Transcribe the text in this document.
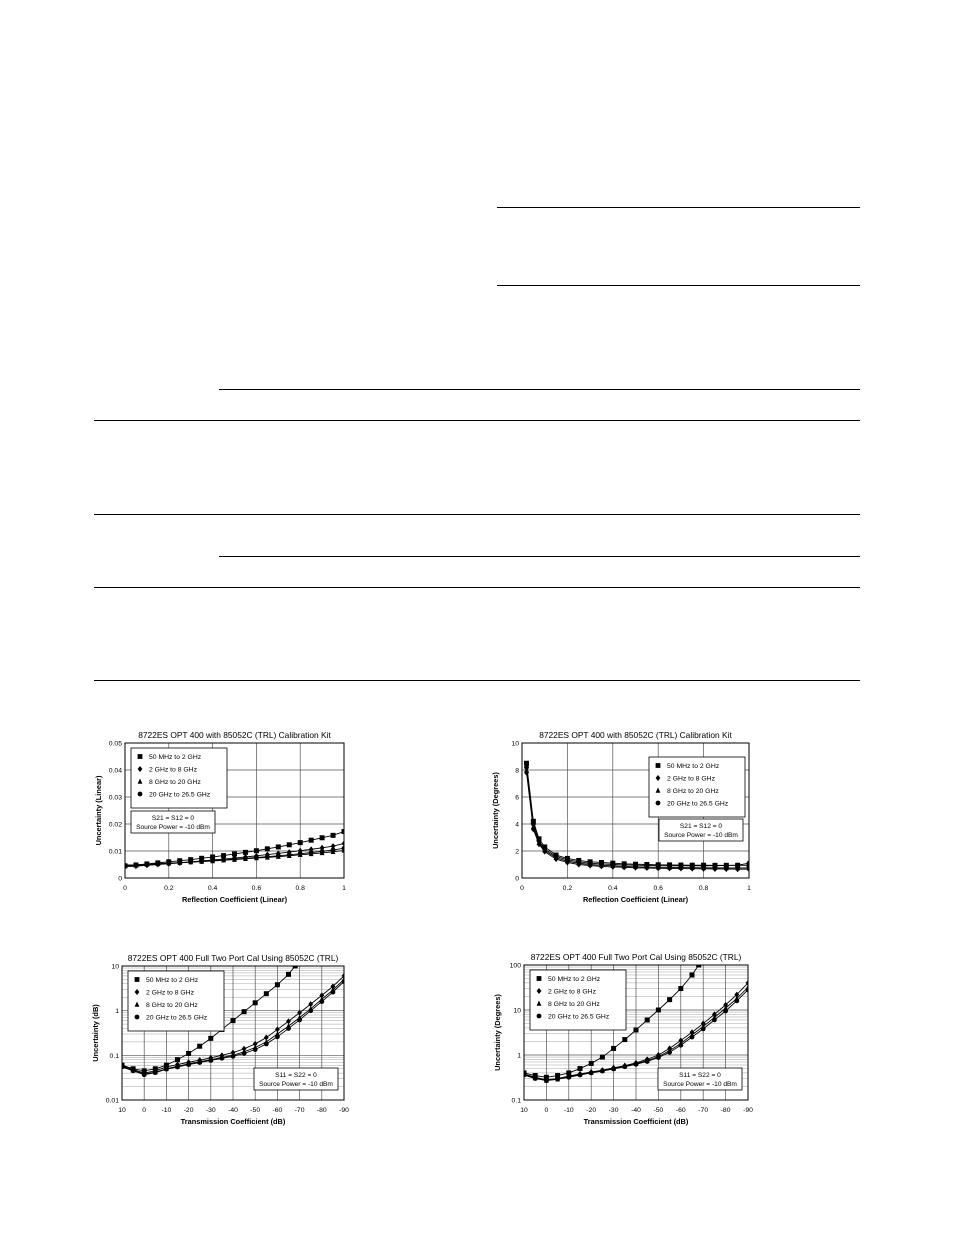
8722ES OPT 400 with 85052C (TRL) Calibration Kit
0	0.2	0.4	0.6	0.8	1
0
0.01
0.02
0.03
0.04
0.05
Reflection Coefficient (Linear)
Uncertainty (Linear)
50 MHz to 2 GHz
2 GHz to 8 GHz
8 GHz to 20 GHz
20 GHz to 26.5 GHz
S21 = S12 = 0
Source Power = -10 dBm
8722ES OPT 400 with 85052C (TRL) Calibration Kit
0	0.2	0.4	0.6	0.8	1
0
2
4
6
8
10
Reflection Coefficient (Linear)
Uncertainty (Degrees)
50 MHz to 2 GHz
2 GHz to 8 GHz
8 GHz to 20 GHz
20 GHz to 26.5 GHz
S21 = S12 = 0
Source Power = -10 dBm
8722ES OPT 400 Full Two Port Cal Using 85052C (TRL)
10 0 -10 -20 -30 -40 -50 -60 -70 -80 -90
0.01
0.1
1
10
Transmission Coefficient (dB)
Uncertainty (dB)
50 MHz to 2 GHz
2 GHz to 8 GHz
8 GHz to 20 GHz
20 GHz to 26.5 GHz
S11 = S22 = 0
Source Power = -10 dBm
8722ES OPT 400 Full Two Port Cal Using 85052C (TRL)
10 0 -10 -20 -30 -40 -50 -60 -70 -80 -90
0.1
1
10
100
Transmission Coefficient (dB)
Uncertainty (Degrees)
50 MHz to 2 GHz
2 GHz to 8 GHz
8 GHz to 20 GHz
20 GHz to 26.5 GHz
S11 = S22 = 0
Source Power = -10 dBm
